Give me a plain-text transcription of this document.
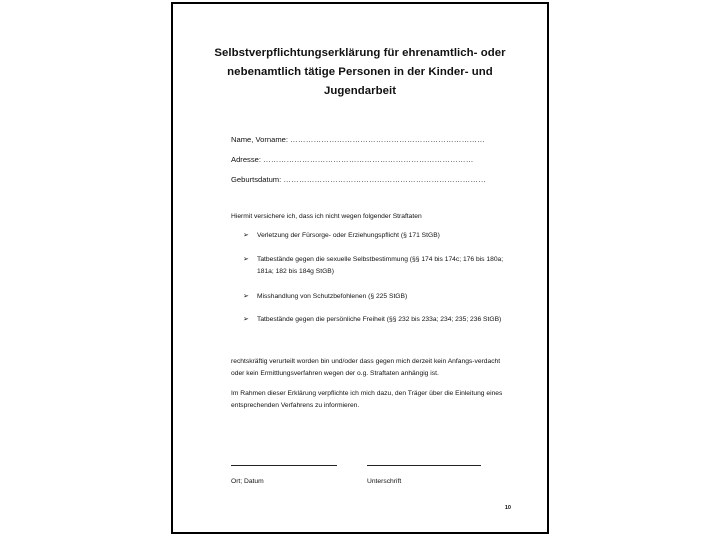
Selbstverpflichtungserklärung für ehrenamtlich- oder
nebenamtlich tätige Personen in der Kinder- und
Jugendarbeit
Name, Vorname: …………………………………………………………………
Adresse: ………………………………………………………………………
Geburtsdatum: ……………………………………………………………………
Hiermit versichere ich, dass ich nicht wegen folgender Straftaten
➢ Verletzung der Fürsorge- oder Erziehungspflicht (§ 171 StGB)
➢ Tatbestände gegen die sexuelle Selbstbestimmung (§§ 174 bis 174c; 176 bis 180a; 181a; 182 bis 184g StGB)
➢ Misshandlung von Schutzbefohlenen (§ 225 StGB)
➢ Tatbestände gegen die persönliche Freiheit (§§ 232 bis 233a; 234; 235; 236 StGB)
rechtskräftig verurteilt worden bin und/oder dass gegen mich derzeit kein Anfangs-verdacht oder kein Ermittlungsverfahren wegen der o.g. Straftaten anhängig ist.
Im Rahmen dieser Erklärung verpflichte ich mich dazu, den Träger über die Einleitung eines entsprechenden Verfahrens zu informieren.
Ort; Datum	Unterschrift
10
